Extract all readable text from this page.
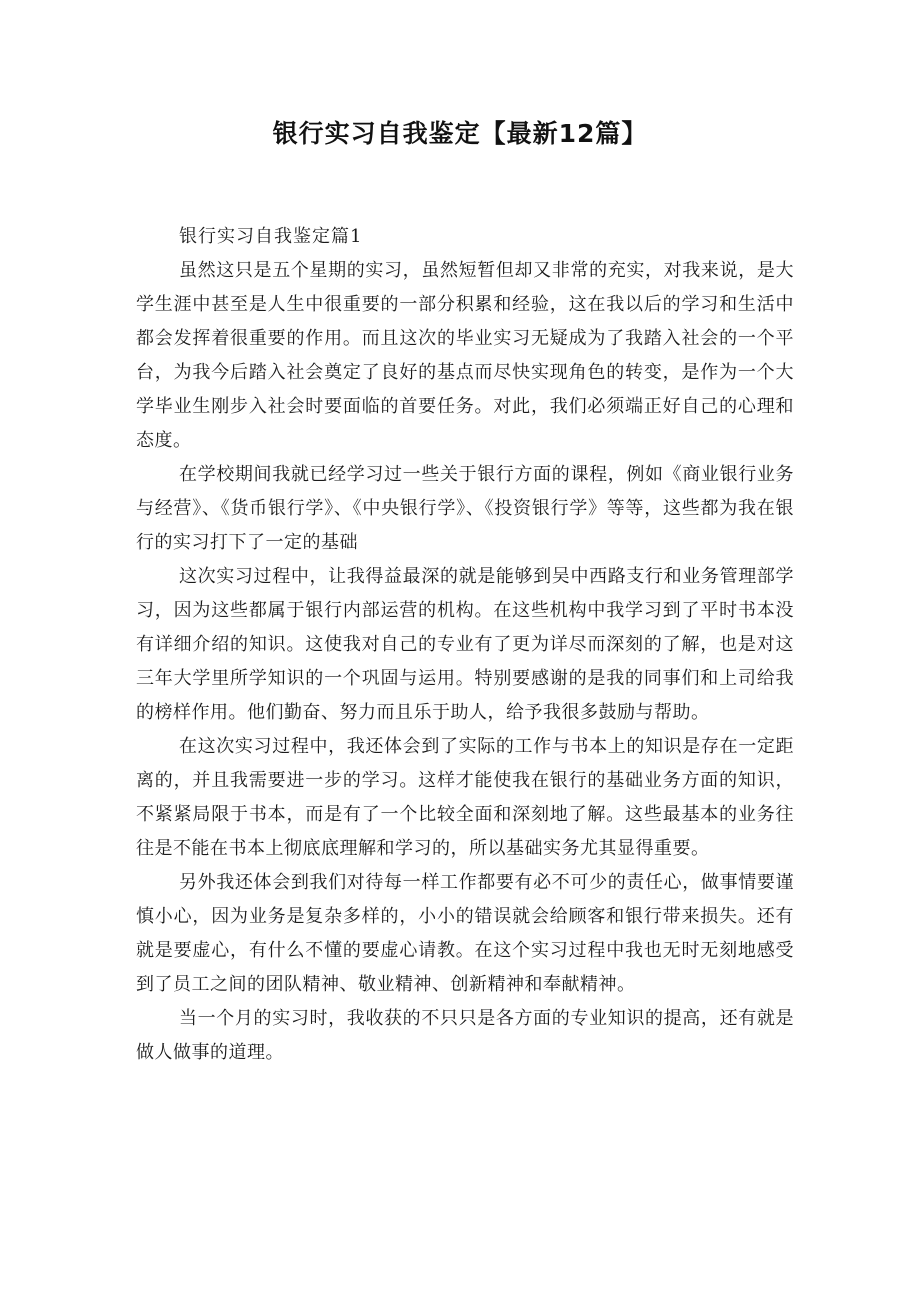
银行实习自我鉴定【最新12篇】

银行实习自我鉴定篇1

虽然这只是五个星期的实习，虽然短暂但却又非常的充实，对我来说，是大学生涯中甚至是人生中很重要的一部分积累和经验，这在我以后的学习和生活中都会发挥着很重要的作用。而且这次的毕业实习无疑成为了我踏入社会的一个平台，为我今后踏入社会奠定了良好的基点而尽快实现角色的转变，是作为一个大学毕业生刚步入社会时要面临的首要任务。对此，我们必须端正好自己的心理和态度。

在学校期间我就已经学习过一些关于银行方面的课程，例如《商业银行业务与经营》、《货币银行学》、《中央银行学》、《投资银行学》等等，这些都为我在银行的实习打下了一定的基础

这次实习过程中，让我得益最深的就是能够到吴中西路支行和业务管理部学习，因为这些都属于银行内部运营的机构。在这些机构中我学习到了平时书本没有详细介绍的知识。这使我对自己的专业有了更为详尽而深刻的了解，也是对这三年大学里所学知识的一个巩固与运用。特别要感谢的是我的同事们和上司给我的榜样作用。他们勤奋、努力而且乐于助人，给予我很多鼓励与帮助。

在这次实习过程中，我还体会到了实际的工作与书本上的知识是存在一定距离的，并且我需要进一步的学习。这样才能使我在银行的基础业务方面的知识，不紧紧局限于书本，而是有了一个比较全面和深刻地了解。这些最基本的业务往往是不能在书本上彻底底理解和学习的，所以基础实务尤其显得重要。

另外我还体会到我们对待每一样工作都要有必不可少的责任心，做事情要谨慎小心，因为业务是复杂多样的，小小的错误就会给顾客和银行带来损失。还有就是要虚心，有什么不懂的要虚心请教。在这个实习过程中我也无时无刻地感受到了员工之间的团队精神、敬业精神、创新精神和奉献精神。

当一个月的实习时，我收获的不只只是各方面的专业知识的提高，还有就是做人做事的道理。
